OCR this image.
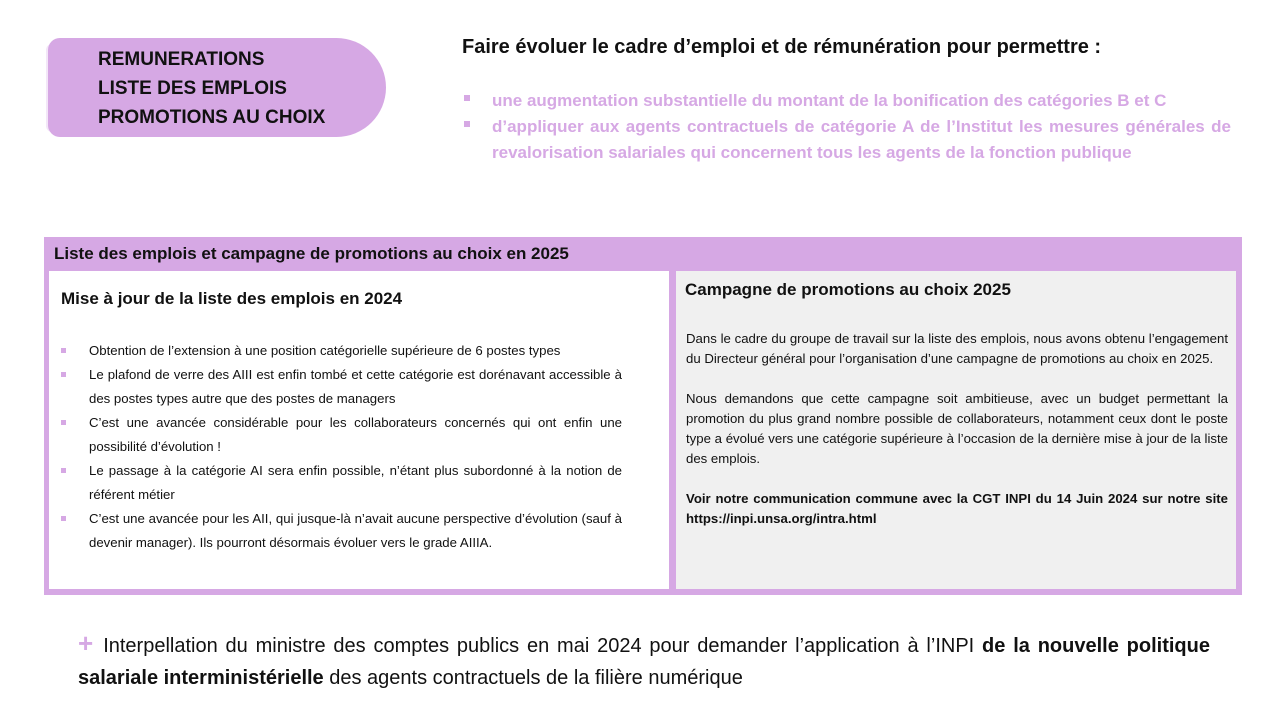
REMUNERATIONS
LISTE DES EMPLOIS
PROMOTIONS AU CHOIX
Faire évoluer le cadre d’emploi et de rémunération pour permettre :
une augmentation substantielle du montant de la bonification des catégories B et C
d’appliquer aux agents contractuels de catégorie A de l’Institut les mesures générales de revalorisation salariales qui concernent tous les agents de la fonction publique
Liste des emplois et campagne de promotions au choix en 2025
Mise à jour de la liste des emplois en 2024
Obtention de l’extension à une position catégorielle supérieure de 6 postes types
Le plafond de verre des AIII est enfin tombé et cette catégorie est dorénavant accessible à des postes types autre que des postes de managers
C’est une avancée considérable pour les collaborateurs concernés qui ont enfin une possibilité d’évolution !
Le passage à la catégorie AI sera enfin possible, n’étant plus subordonné à la notion de référent métier
C’est une avancée pour les AII, qui jusque-là n’avait aucune perspective d’évolution (sauf à devenir manager). Ils pourront désormais évoluer vers le grade AIIIA.
Campagne de promotions au choix 2025

Dans le cadre du groupe de travail sur la liste des emplois, nous avons obtenu l’engagement du Directeur général pour l’organisation d’une campagne de promotions au choix en 2025.

Nous demandons que cette campagne soit ambitieuse, avec un budget permettant la promotion du plus grand nombre possible de collaborateurs, notamment ceux dont le poste type a évolué vers une catégorie supérieure à l’occasion de la dernière mise à jour de la liste des emplois.

Voir notre communication commune avec la CGT INPI du 14 Juin 2024 sur notre site https://inpi.unsa.org/intra.html

+ Interpellation du ministre des comptes publics en mai 2024 pour demander l’application à l’INPI de la nouvelle politique salariale interministérielle des agents contractuels de la filière numérique
